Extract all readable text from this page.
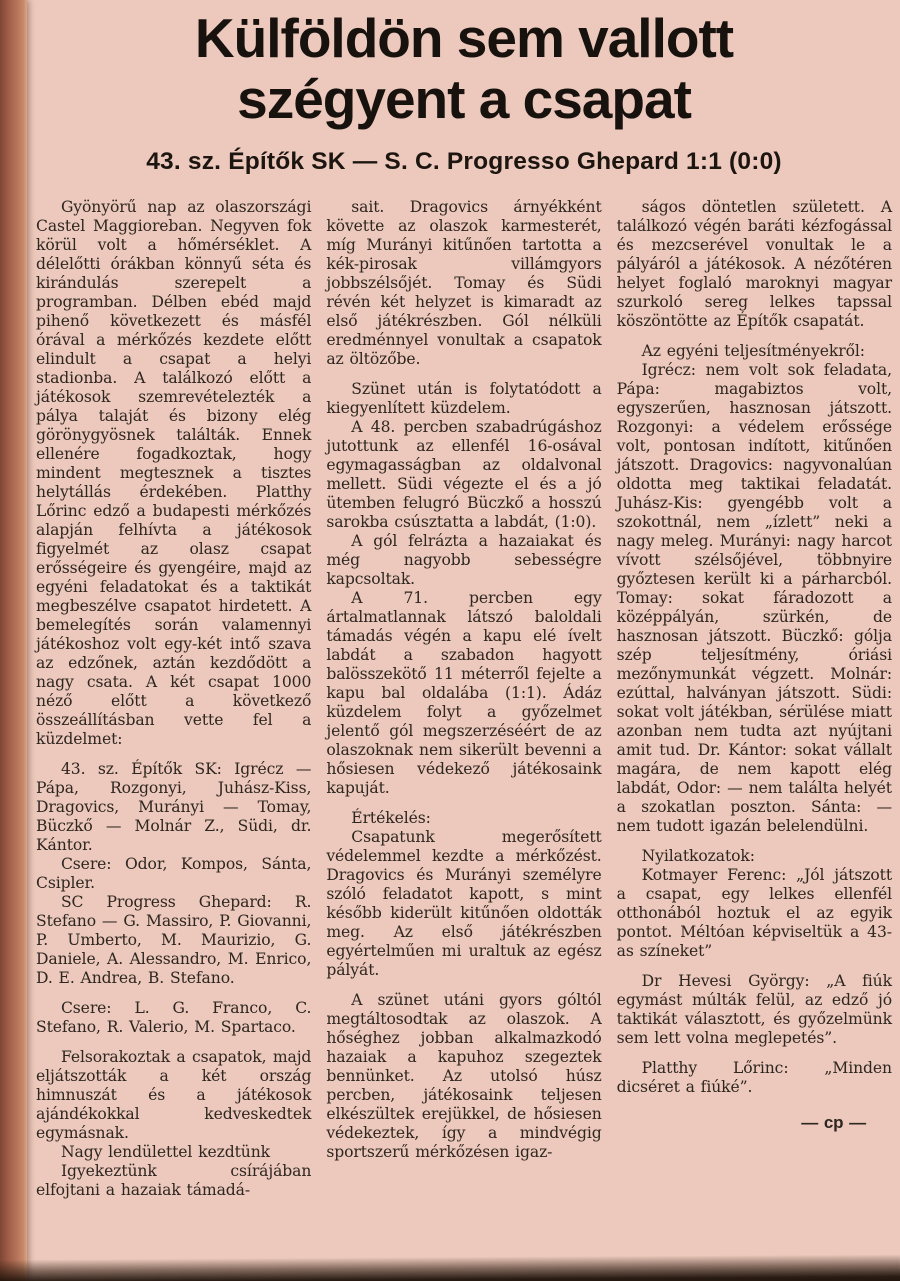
Külföldön sem vallott
szégyent a csapat
43. sz. Építők SK — S. C. Progresso Ghepard 1:1 (0:0)

Gyönyörű nap az olaszországi Castel Maggioreban. Negyven fok körül volt a hőmérséklet. A délelőtti órákban könnyű séta és kirándulás szerepelt a programban. Délben ebéd majd pihenő következett és másfél órával a mérkőzés kezdete előtt elindult a csapat a helyi stadionba. A találkozó előtt a játékosok szemrevételezték a pálya talaját és bizony elég görönygyösnek találták. Ennek ellenére fogadkoztak, hogy mindent megtesznek a tisztes helytállás érdekében. Platthy Lőrinc edző a budapesti mérkőzés alapján felhívta a játékosok figyelmét az olasz csapat erősségeire és gyengéire, majd az egyéni feladatokat és a taktikát megbeszélve csapatot hirdetett. A bemelegítés során valamennyi játékoshoz volt egy-két intő szava az edzőnek, aztán kezdődött a nagy csata. A két csapat 1000 néző előtt a következő összeállításban vette fel a küzdelmet:

43. sz. Építők SK: Igrécz — Pápa, Rozgonyi, Juhász-Kiss, Dragovics, Murányi — Tomay, Büczkő — Molnár Z., Südi, dr. Kántor.

Csere: Odor, Kompos, Sánta, Csipler.

SC Progress Ghepard: R. Stefano — G. Massiro, P. Giovanni, P. Umberto, M. Maurizio, G. Daniele, A. Alessandro, M. Enrico, D. E. Andrea, B. Stefano.

Csere: L. G. Franco, C. Stefano, R. Valerio, M. Spartaco.

Felsorakoztak a csapatok, majd eljátszották a két ország himnuszát és a játékosok ajándékokkal kedveskedtek egymásnak.

Nagy lendülettel kezdtünk

Igyekeztünk csírájában elfojtani a hazaiak támadá-

sait. Dragovics árnyékként követte az olaszok karmesterét, míg Murányi kitűnően tartotta a kék-pirosak villámgyors jobbszélsőjét. Tomay és Südi révén két helyzet is kimaradt az első játékrészben. Gól nélküli eredménnyel vonultak a csapatok az öltözőbe.

Szünet után is folytatódott a kiegyenlített küzdelem.

A 48. percben szabadrúgáshoz jutottunk az ellenfél 16-osával egymagasságban az oldalvonal mellett. Südi végezte el és a jó ütemben felugró Büczkő a hosszú sarokba csúsztatta a labdát, (1:0).

A gól felrázta a hazaiakat és még nagyobb sebességre kapcsoltak.

A 71. percben egy ártalmatlannak látszó baloldali támadás végén a kapu elé ívelt labdát a szabadon hagyott balösszekötő 11 méterről fejelte a kapu bal oldalába (1:1). Ádáz küzdelem folyt a győzelmet jelentő gól megszerzéséért de az olaszoknak nem sikerült bevenni a hősiesen védekező játékosaink kapuját.

Értékelés:

Csapatunk megerősített védelemmel kezdte a mérkőzést. Dragovics és Murányi személyre szóló feladatot kapott, s mint később kiderült kitűnően oldották meg. Az első játékrészben egyértelműen mi uraltuk az egész pályát.

A szünet utáni gyors góltól megtáltosodtak az olaszok. A hőséghez jobban alkalmazkodó hazaiak a kapuhoz szegeztek bennünket. Az utolsó húsz percben, játékosaink teljesen elkészültek erejükkel, de hősiesen védekeztek, így a mindvégig sportszerű mérkőzésen igaz-

ságos döntetlen született. A találkozó végén baráti kézfogással és mezcserével vonultak le a pályáról a játékosok. A nézőtéren helyet foglaló maroknyi magyar szurkoló sereg lelkes tapssal köszöntötte az Építők csapatát.

Az egyéni teljesítményekről:

Igrécz: nem volt sok feladata, Pápa: magabiztos volt, egyszerűen, hasznosan játszott. Rozgonyi: a védelem erőssége volt, pontosan indított, kitűnően játszott. Dragovics: nagyvonalúan oldotta meg taktikai feladatát. Juhász-Kis: gyengébb volt a szokottnál, nem „ízlett” neki a nagy meleg. Murányi: nagy harcot vívott szélsőjével, többnyire győztesen került ki a párharcból. Tomay: sokat fáradozott a középpályán, szürkén, de hasznosan játszott. Büczkő: gólja szép teljesítmény, óriási mezőnymunkát végzett. Molnár: ezúttal, halványan játszott. Südi: sokat volt játékban, sérülése miatt azonban nem tudta azt nyújtani amit tud. Dr. Kántor: sokat vállalt magára, de nem kapott elég labdát, Odor: — nem találta helyét a szokatlan poszton. Sánta: — nem tudott igazán belelendülni.

Nyilatkozatok:

Kotmayer Ferenc: „Jól játszott a csapat, egy lelkes ellenfél otthonából hoztuk el az egyik pontot. Méltóan képviseltük a 43-as színeket”

Dr Hevesi György: „A fiúk egymást múlták felül, az edző jó taktikát választott, és győzelmünk sem lett volna meglepetés”.

Platthy Lőrinc: „Minden dicséret a fiúké”.

— cp —
